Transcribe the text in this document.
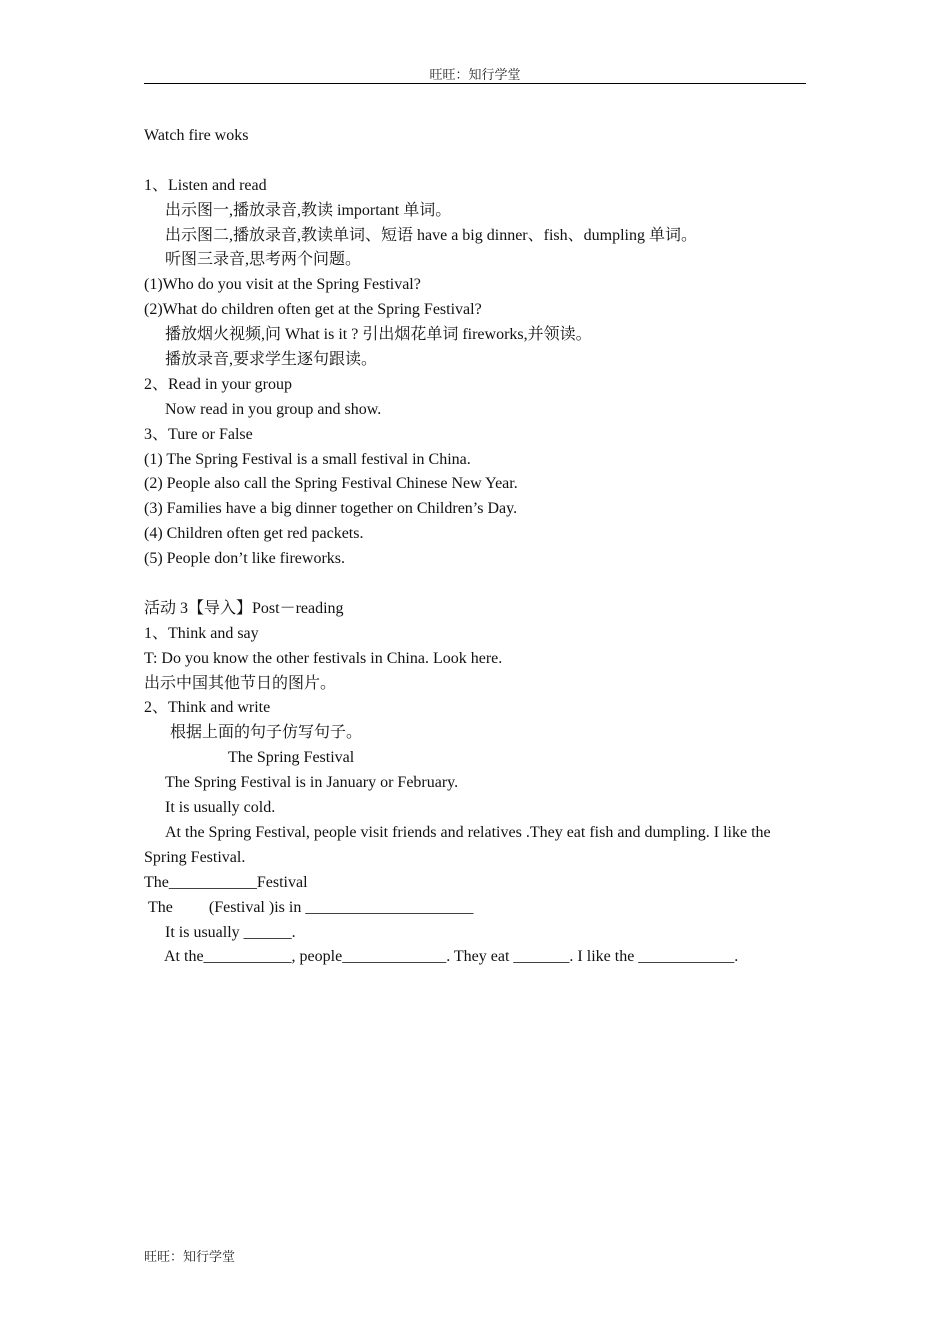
旺旺：知行学堂
Watch fire woks
1、Listen and read
出示图一,播放录音,教读 important 单词。
出示图二,播放录音,教读单词、短语 have a big dinner、fish、dumpling 单词。
听图三录音,思考两个问题。
(1)Who do you visit at the Spring Festival?
(2)What do children often get at the Spring Festival?
播放烟火视频,问 What is it ? 引出烟花单词 fireworks,并领读。
播放录音,要求学生逐句跟读。
2、Read in your group
Now read in you group and show.
3、Ture or False
(1) The Spring Festival is a small festival in China.
(2) People also call the Spring Festival Chinese New Year.
(3) Families have a big dinner together on Children’s Day.
(4) Children often get red packets.
(5) People don’t like fireworks.
活动 3【导入】Post－reading
1、Think and say
T: Do you know the other festivals in China. Look here.
出示中国其他节日的图片。
2、Think and write
根据上面的句子仿写句子。
The Spring Festival
The Spring Festival is in January or February.
It is usually cold.
At the Spring Festival, people visit friends and relatives .They eat fish and dumpling. I like the Spring Festival.
The___________Festival
The         (Festival )is in _____________________
It is usually ______.
At the___________, people_____________. They eat _______. I like the ____________.
旺旺：知行学堂
